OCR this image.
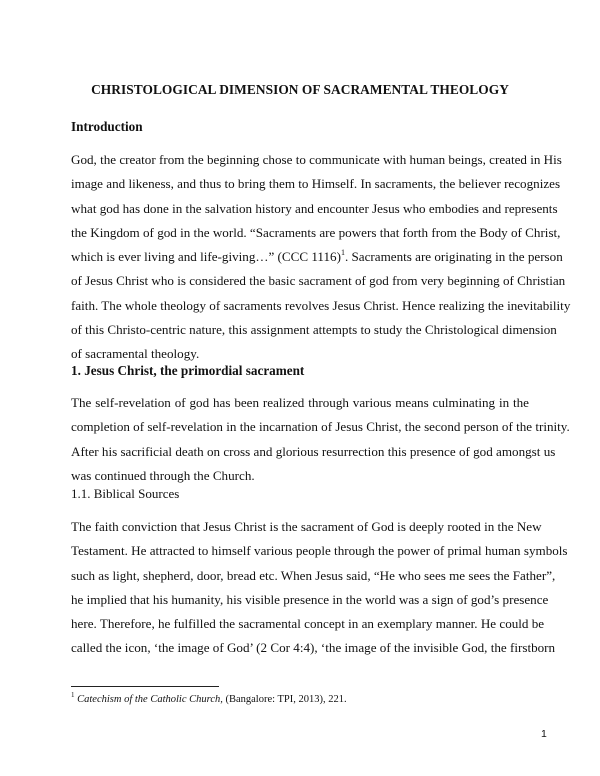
CHRISTOLOGICAL DIMENSION OF SACRAMENTAL THEOLOGY
Introduction
God, the creator from the beginning chose to communicate with human beings, created in His
image and likeness, and thus to bring them to Himself. In sacraments, the believer recognizes
what god has done in the salvation history and encounter Jesus who embodies and represents
the Kingdom of god in the world. “Sacraments are powers that forth from the Body of Christ,
which is ever living and life-giving…” (CCC 1116)$^1$. Sacraments are originating in the person
of Jesus Christ who is considered the basic sacrament of god from very beginning of Christian
faith. The whole theology of sacraments revolves Jesus Christ. Hence realizing the inevitability
of this Christo-centric nature, this assignment attempts to study the Christological dimension
of sacramental theology.
1. Jesus Christ, the primordial sacrament
The self-revelation of god has been realized through various means culminating in the
completion of self-revelation in the incarnation of Jesus Christ, the second person of the trinity.
After his sacrificial death on cross and glorious resurrection this presence of god amongst us
was continued through the Church.
1.1. Biblical Sources
The faith conviction that Jesus Christ is the sacrament of God is deeply rooted in the New
Testament. He attracted to himself various people through the power of primal human symbols
such as light, shepherd, door, bread etc. When Jesus said, “He who sees me sees the Father”,
he implied that his humanity, his visible presence in the world was a sign of god’s presence
here. Therefore, he fulfilled the sacramental concept in an exemplary manner. He could be
called the icon, ‘the image of God’ (2 Cor 4:4), ‘the image of the invisible God, the firstborn
$^1$ Catechism of the Catholic Church, (Bangalore: TPI, 2013), 221.
1
